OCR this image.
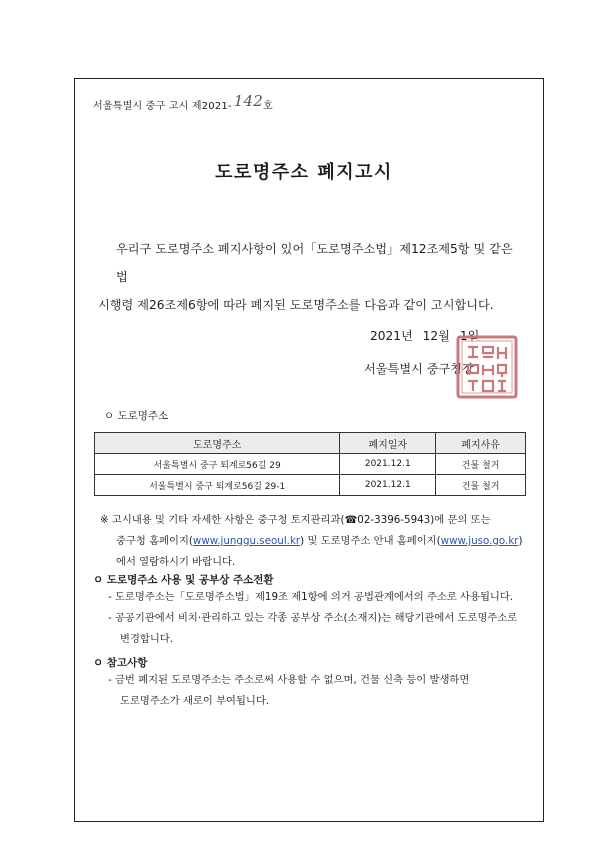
서울특별시 중구 고시 제2021- 142호
도로명주소 폐지고시
우리구 도로명주소 폐지사항이 있어「도로명주소법」제12조제5항 및 같은 법
시행령 제26조제6항에 따라 폐지된 도로명주소를 다음과 같이 고시합니다.
2021년 12월 1일
서울특별시 중구청장
ㅇ 도로명주소
도로명주소	폐지일자	폐지사유
서울특별시 중구 퇴계로56길 29	2021.12.1	건물 철거
서울특별시 중구 퇴계로56길 29-1	2021.12.1	건물 철거
※ 고시내용 및 기타 자세한 사항은 중구청 토지관리과(☎02-3396-5943)에 문의 또는
중구청 홈페이지(www.junggu.seoul.kr) 및 도로명주소 안내 홈페이지(www.juso.go.kr)
에서 열람하시기 바랍니다.
ㅇ 도로명주소 사용 및 공부상 주소전환
- 도로명주소는「도로명주소법」제19조 제1항에 의거 공법관계에서의 주소로 사용됩니다.
- 공공기관에서 비치·관리하고 있는 각종 공부상 주소(소재지)는 해당기관에서 도로명주소로
변경합니다.
ㅇ 참고사항
- 금번 폐지된 도로명주소는 주소로써 사용할 수 없으며, 건물 신축 등이 발생하면
도로명주소가 새로이 부여됩니다.
